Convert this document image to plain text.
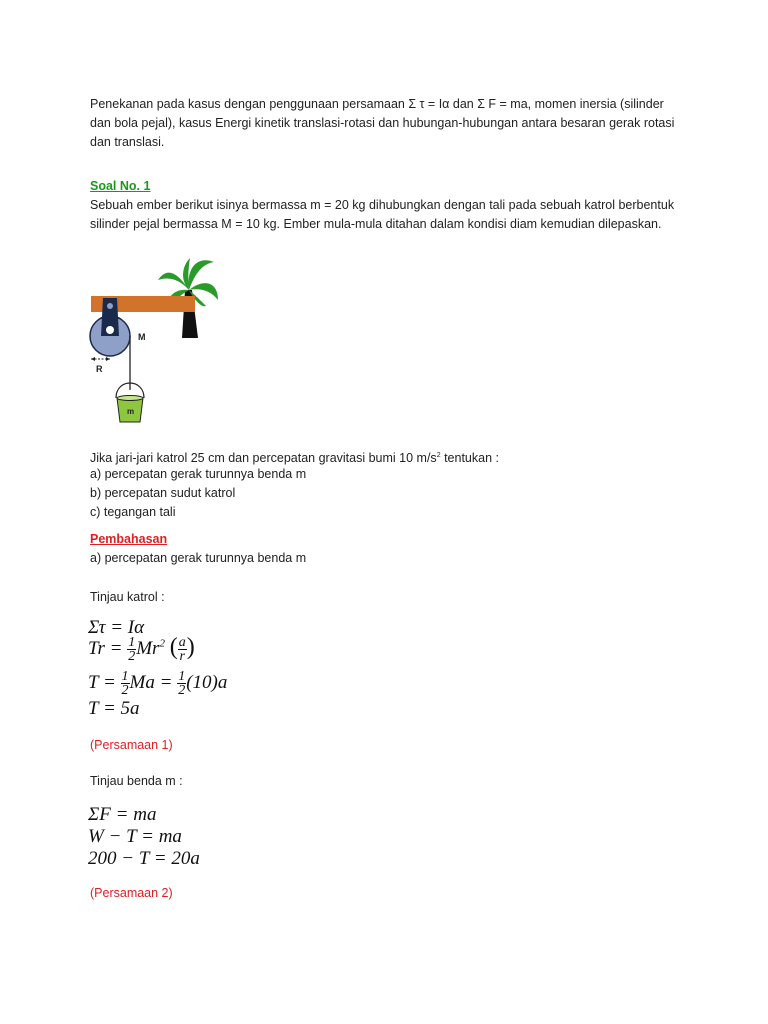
Penekanan pada kasus dengan penggunaan persamaan Σ τ = Iα dan Σ F = ma, momen inersia (silinder dan bola pejal), kasus Energi kinetik translasi-rotasi dan hubungan-hubungan antara besaran gerak rotasi dan translasi.

Soal No. 1

Sebuah ember berikut isinya bermassa m = 20 kg dihubungkan dengan tali pada sebuah katrol berbentuk silinder pejal bermassa M = 10 kg. Ember mula-mula ditahan dalam kondisi diam kemudian dilepaskan.

M
R
m

Jika jari-jari katrol 25 cm dan percepatan gravitasi bumi 10 $m/s^2$ tentukan :

a) percepatan gerak turunnya benda m

b) percepatan sudut katrol

c) tegangan tali

Pembahasan

a) percepatan gerak turunnya benda m

Tinjau katrol :

Στ = Iα
$Tr = \frac{1}{2} Mr^2$ ( $\frac{a}{r}$ )
$T = \frac{1}{2}$ $Ma = \frac{1}{2} (10)a$
T = 5a

(Persamaan 1)

Tinjau benda m :

ΣF = ma
W − T = ma
200 − T = 20a

(Persamaan 2)
